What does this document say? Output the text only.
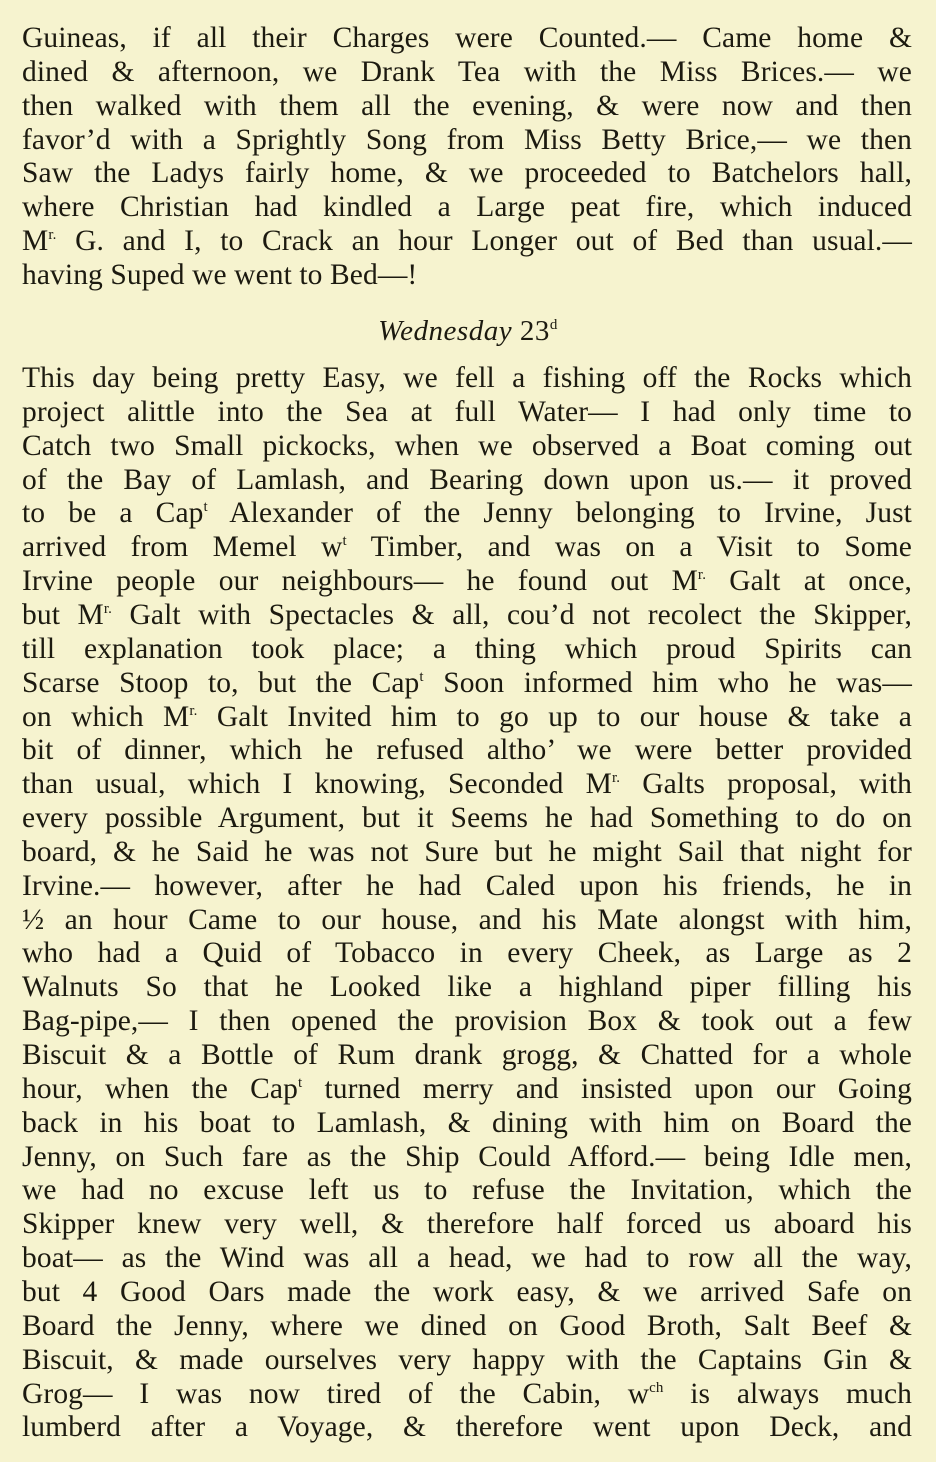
Guineas, if all their Charges were Counted.— Came home &
dined & afternoon, we Drank Tea with the Miss Brices.— we
then walked with them all the evening, & were now and then
favor’d with a Sprightly Song from Miss Betty Brice,— we then
Saw the Ladys fairly home, & we proceeded to Batchelors hall,
where Christian had kindled a Large peat fire, which induced
$M^{r.}$ G. and I, to Crack an hour Longer out of Bed than usual.—
having Suped we went to Bed—!
Wednesday 23$^d$
This day being pretty Easy, we fell a fishing off the Rocks which
project alittle into the Sea at full Water— I had only time to
Catch two Small pickocks, when we observed a Boat coming out
of the Bay of Lamlash, and Bearing down upon us.— it proved
to be a Cap$^t$ Alexander of the Jenny belonging to Irvine, Just
arrived from Memel $w^t$ Timber, and was on a Visit to Some
Irvine people our neighbours— he found out $M^{r.}$ Galt at once,
but $M^{r.}$ Galt with Spectacles & all, cou’d not recolect the Skipper,
till explanation took place; a thing which proud Spirits can
Scarse Stoop to, but the Cap$^t$ Soon informed him who he was—
on which $M^{r.}$ Galt Invited him to go up to our house & take a
bit of dinner, which he refused altho’ we were better provided
than usual, which I knowing, Seconded $M^{r.}$ Galts proposal, with
every possible Argument, but it Seems he had Something to do on
board, & he Said he was not Sure but he might Sail that night for
Irvine.— however, after he had Caled upon his friends, he in
½ an hour Came to our house, and his Mate alongst with him,
who had a Quid of Tobacco in every Cheek, as Large as 2
Walnuts So that he Looked like a highland piper filling his
Bag-pipe,— I then opened the provision Box & took out a few
Biscuit & a Bottle of Rum drank grogg, & Chatted for a whole
hour, when the Cap$^t$ turned merry and insisted upon our Going
back in his boat to Lamlash, & dining with him on Board the
Jenny, on Such fare as the Ship Could Afford.— being Idle men,
we had no excuse left us to refuse the Invitation, which the
Skipper knew very well, & therefore half forced us aboard his
boat— as the Wind was all a head, we had to row all the way,
but 4 Good Oars made the work easy, & we arrived Safe on
Board the Jenny, where we dined on Good Broth, Salt Beef &
Biscuit, & made ourselves very happy with the Captains Gin &
Grog— I was now tired of the Cabin, $w^{ch}$ is always much
lumberd after a Voyage, & therefore went upon Deck, and
